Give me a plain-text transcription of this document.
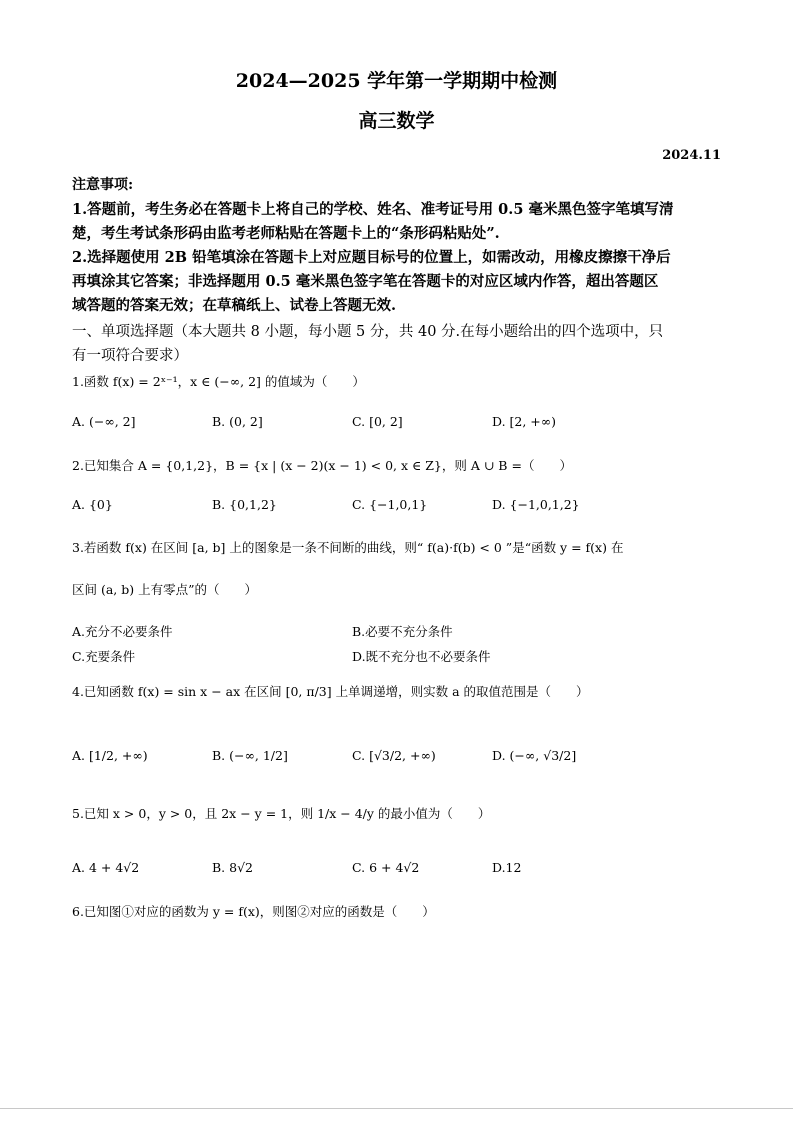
2024—2025 学年第一学期期中检测
高三数学
2024.11
注意事项:
1.答题前，考生务必在答题卡上将自己的学校、姓名、准考证号用 0.5 毫米黑色签字笔填写清
楚，考生考试条形码由监考老师粘贴在答题卡上的“条形码粘贴处”.
2.选择题使用 2B 铅笔填涂在答题卡上对应题目标号的位置上，如需改动，用橡皮擦擦干净后
再填涂其它答案；非选择题用 0.5 毫米黑色签字笔在答题卡的对应区域内作答，超出答题区
域答题的答案无效；在草稿纸上、试卷上答题无效.
一、单项选择题（本大题共 8 小题，每小题 5 分，共 40 分.在每小题给出的四个选项中，只
有一项符合要求）
1.函数 f(x) = 2ˣ⁻¹，x ∈ (−∞, 2] 的值域为（　　）
A. (−∞, 2]	B. (0, 2]	C. [0, 2]	D. [2, +∞)
2.已知集合 A = {0,1,2}，B = {x | (x − 2)(x − 1) < 0, x ∈ Z}，则 A ∪ B =（　　）
A. {0}	B. {0,1,2}	C. {−1,0,1}	D. {−1,0,1,2}
3.若函数 f(x) 在区间 [a, b] 上的图象是一条不间断的曲线，则“ f(a)·f(b) < 0 ”是“函数 y = f(x) 在
区间 (a, b) 上有零点”的（　　）
A.充分不必要条件	B.必要不充分条件
C.充要条件	D.既不充分也不必要条件
4.已知函数 f(x) = sin x − ax 在区间 [0, π/3] 上单调递增，则实数 a 的取值范围是（　　）
A. [1/2, +∞)	B. (−∞, 1/2]	C. [√3/2, +∞)	D. (−∞, √3/2]
5.已知 x > 0，y > 0，且 2x − y = 1，则 1/x − 4/y 的最小值为（　　）
A. 4 + 4√2	B. 8√2	C. 6 + 4√2	D.12
6.已知图①对应的函数为 y = f(x)，则图②对应的函数是（　　）
